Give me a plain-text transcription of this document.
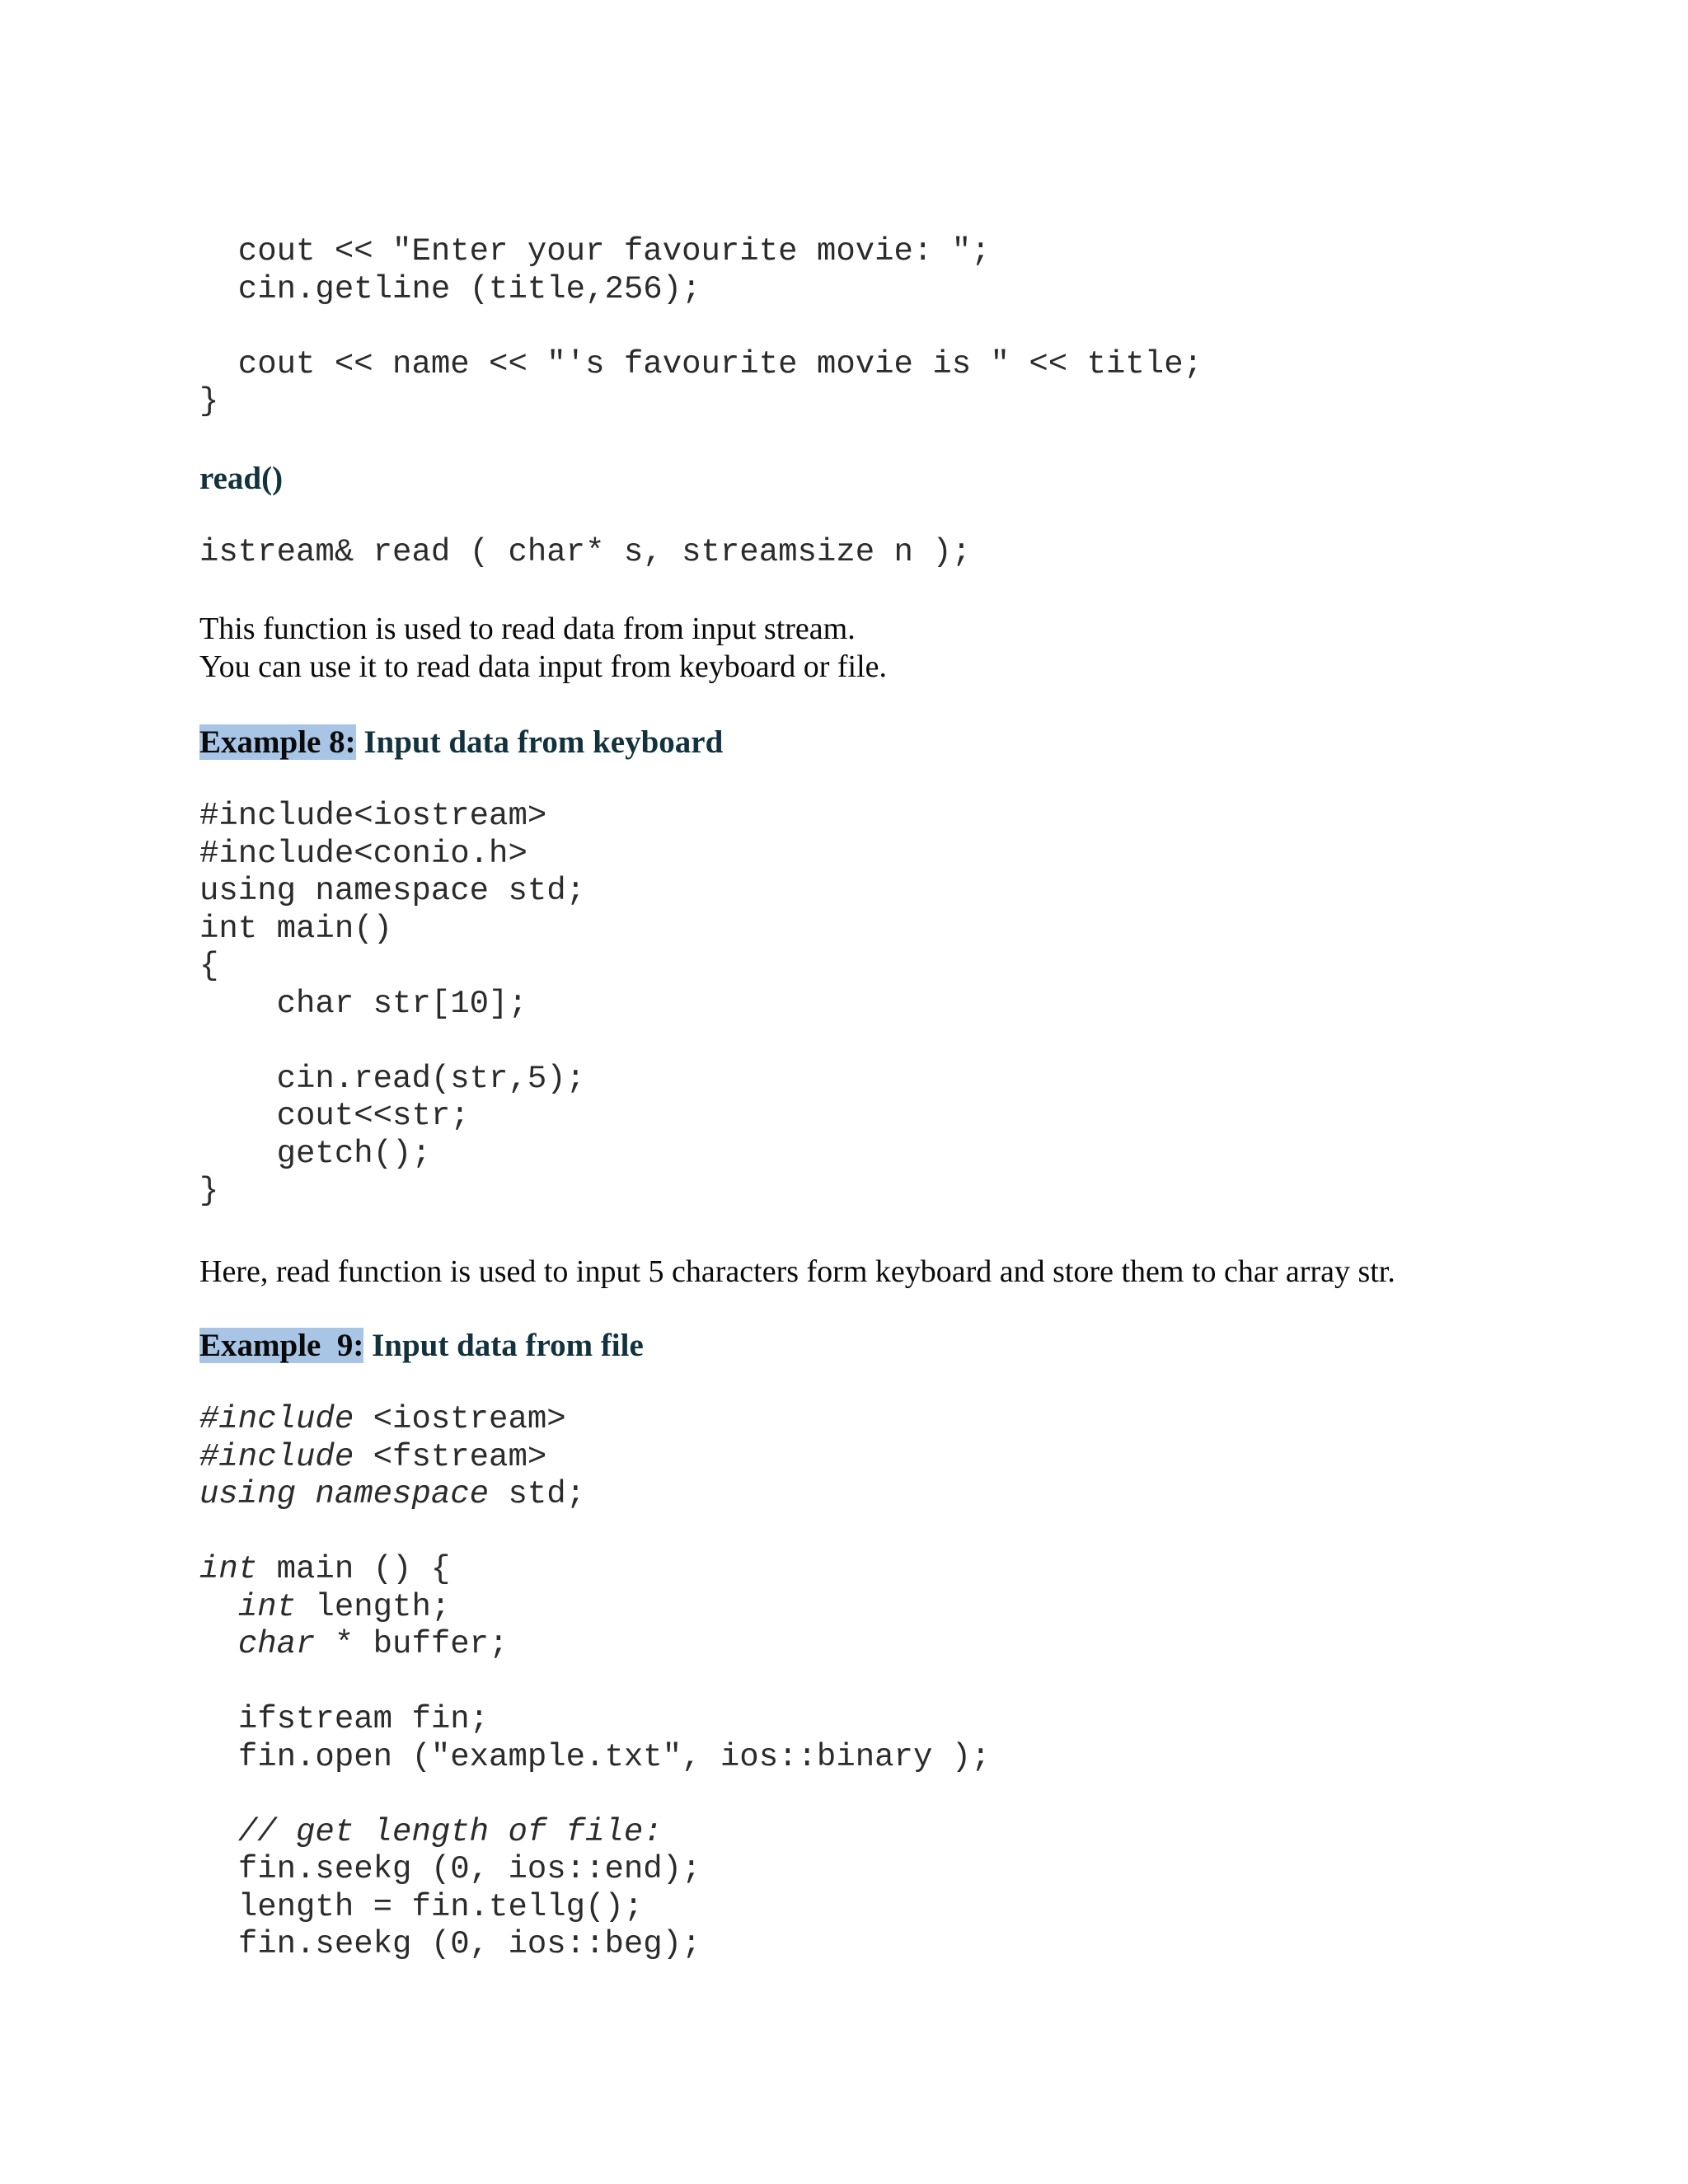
cout << "Enter your favourite movie: ";
cin.getline (title,256);
cout << name << "'s favourite movie is " << title;
}
read()
istream& read ( char* s, streamsize n );
This function is used to read data from input stream.
You can use it to read data input from keyboard or file.
Example 8: Input data from keyboard
#include<iostream>
#include<conio.h>
using namespace std;
int main()
{
char str[10];
cin.read(str,5);
cout<<str;
getch();
}
Here, read function is used to input 5 characters form keyboard and store them to char array str.
Example  9: Input data from file
#include <iostream>
#include <fstream>
using namespace std;
int main () {
int length;
char * buffer;
ifstream fin;
fin.open ("example.txt", ios::binary );
// get length of file:
fin.seekg (0, ios::end);
length = fin.tellg();
fin.seekg (0, ios::beg);
